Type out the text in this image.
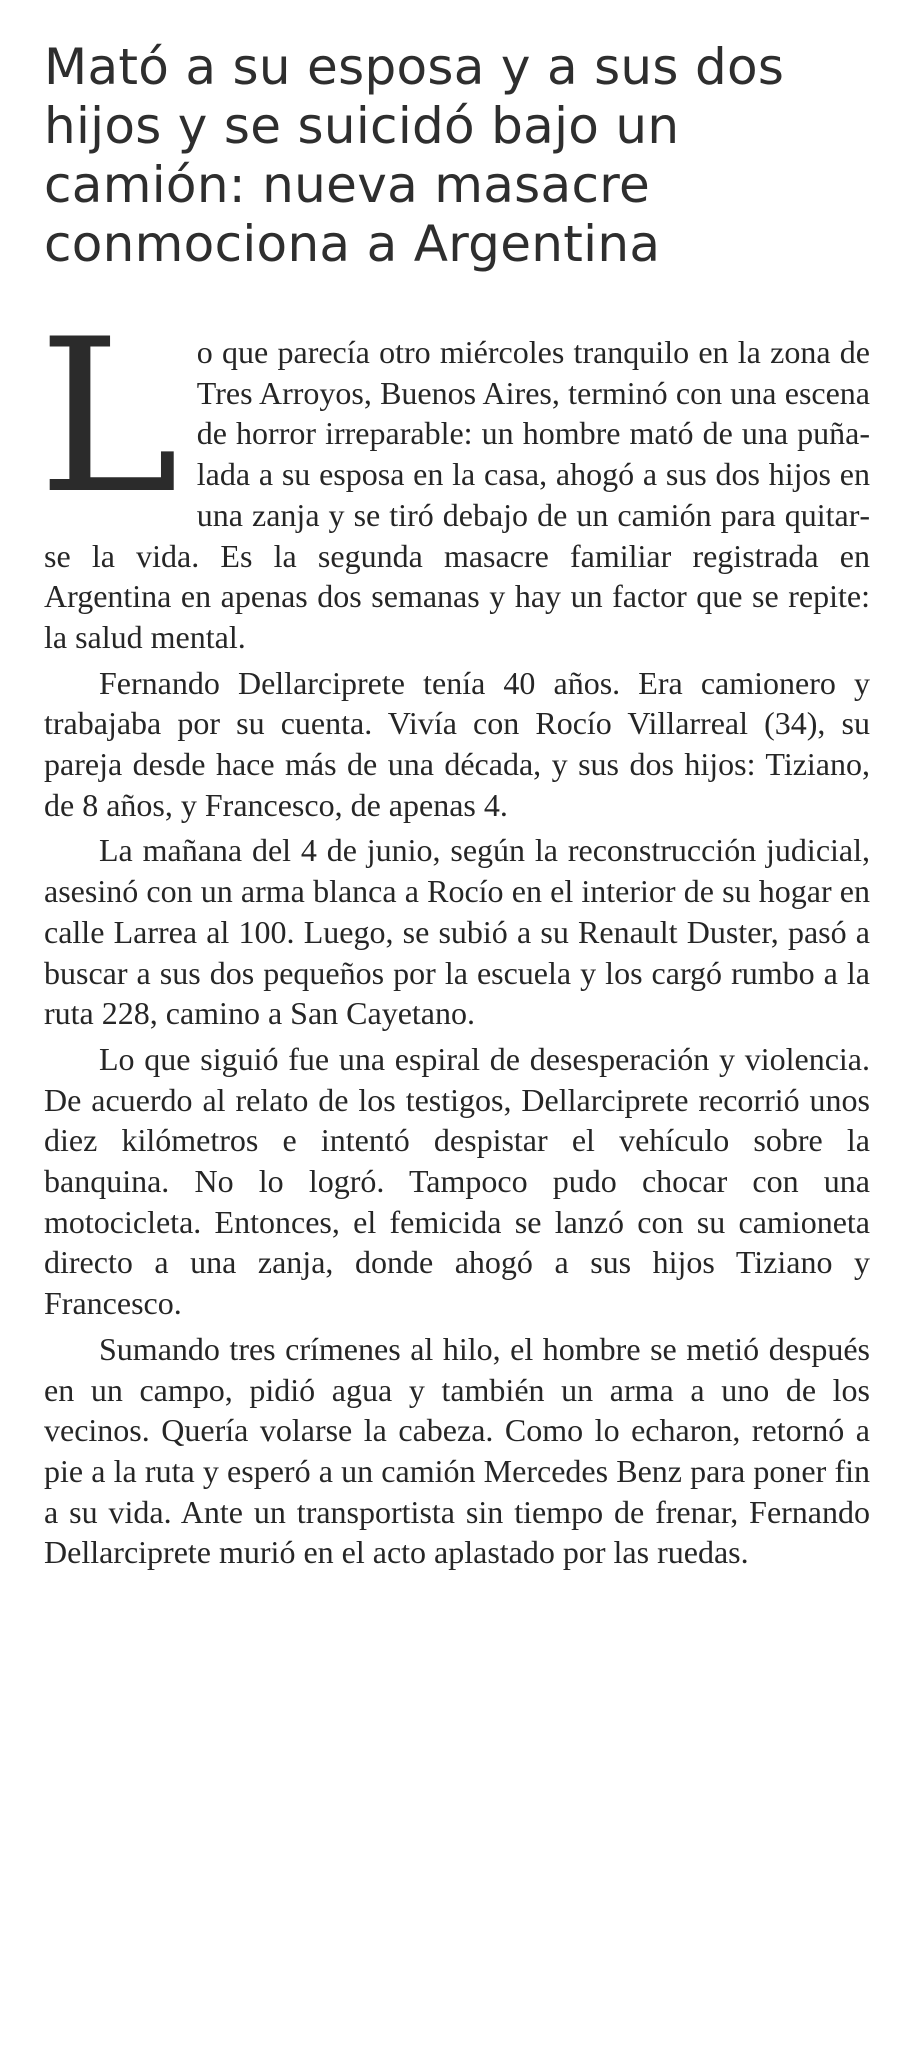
Mató a su esposa y a sus dos hijos y se suicidó bajo un camión: nueva masacre conmociona a Argentina

Lo que parecía otro miércoles tranquilo en la zona de Tres Arroyos, Buenos Aires, terminó con una escena de horror irreparable: un hombre mató de una puñalada a su esposa en la casa, ahogó a sus dos hijos en una zanja y se tiró debajo de un camión para quitarse la vida. Es la segunda masacre familiar registrada en Argentina en apenas dos semanas y hay un factor que se repite: la salud mental.

Fernando Dellarciprete tenía 40 años. Era camionero y trabajaba por su cuenta. Vivía con Rocío Villarreal (34), su pareja desde hace más de una década, y sus dos hijos: Tiziano, de 8 años, y Francesco, de apenas 4.

La mañana del 4 de junio, según la reconstrucción judicial, asesinó con un arma blanca a Rocío en el interior de su hogar en calle Larrea al 100. Luego, se subió a su Renault Duster, pasó a buscar a sus dos pequeños por la escuela y los cargó rumbo a la ruta 228, camino a San Cayetano.

Lo que siguió fue una espiral de desesperación y violencia. De acuerdo al relato de los testigos, Dellarciprete recorrió unos diez kilómetros e intentó despistar el vehículo sobre la banquina. No lo logró. Tampoco pudo chocar con una motocicleta. Entonces, el femicida se lanzó con su camioneta directo a una zanja, donde ahogó a sus hijos Tiziano y Francesco.

Sumando tres crímenes al hilo, el hombre se metió después en un campo, pidió agua y también un arma a uno de los vecinos. Quería volarse la cabeza. Como lo echaron, retornó a pie a la ruta y esperó a un camión Mercedes Benz para poner fin a su vida. Ante un transportista sin tiempo de frenar, Fernando Dellarciprete murió en el acto aplastado por las ruedas.
